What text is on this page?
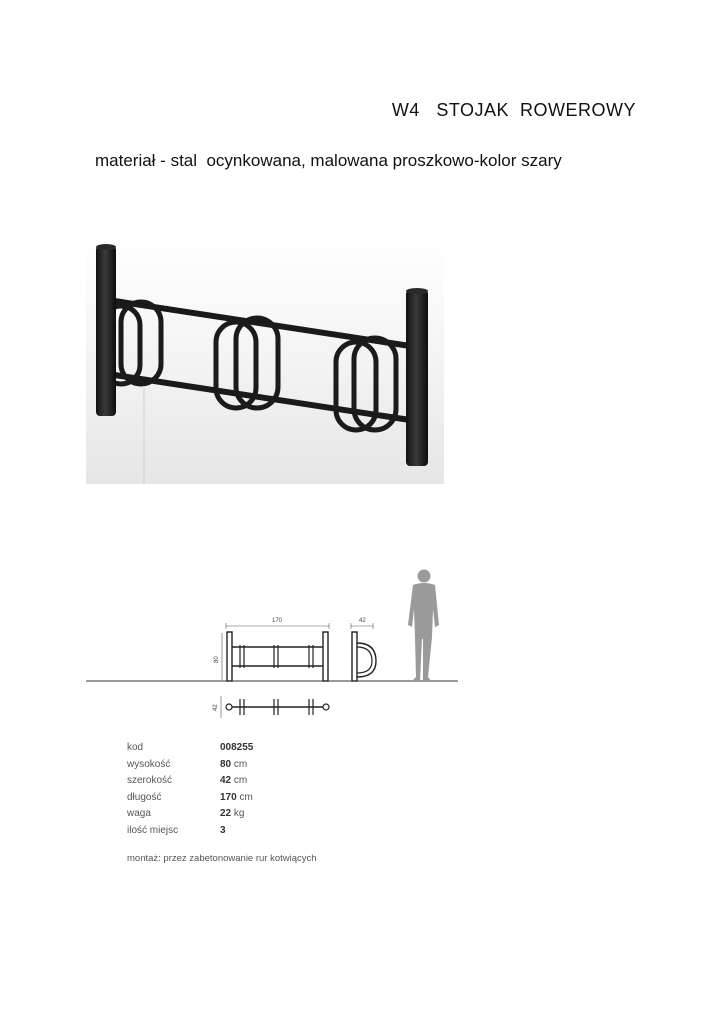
W4   STOJAK  ROWEROWY
materiał - stal  ocynkowana, malowana proszkowo-kolor szary
170
80
42
42
kod	008255
wysokość	80 cm
szerokość	42 cm
długość	170 cm
waga	22 kg
ilość miejsc	3
montaż: przez zabetonowanie rur kotwiących
